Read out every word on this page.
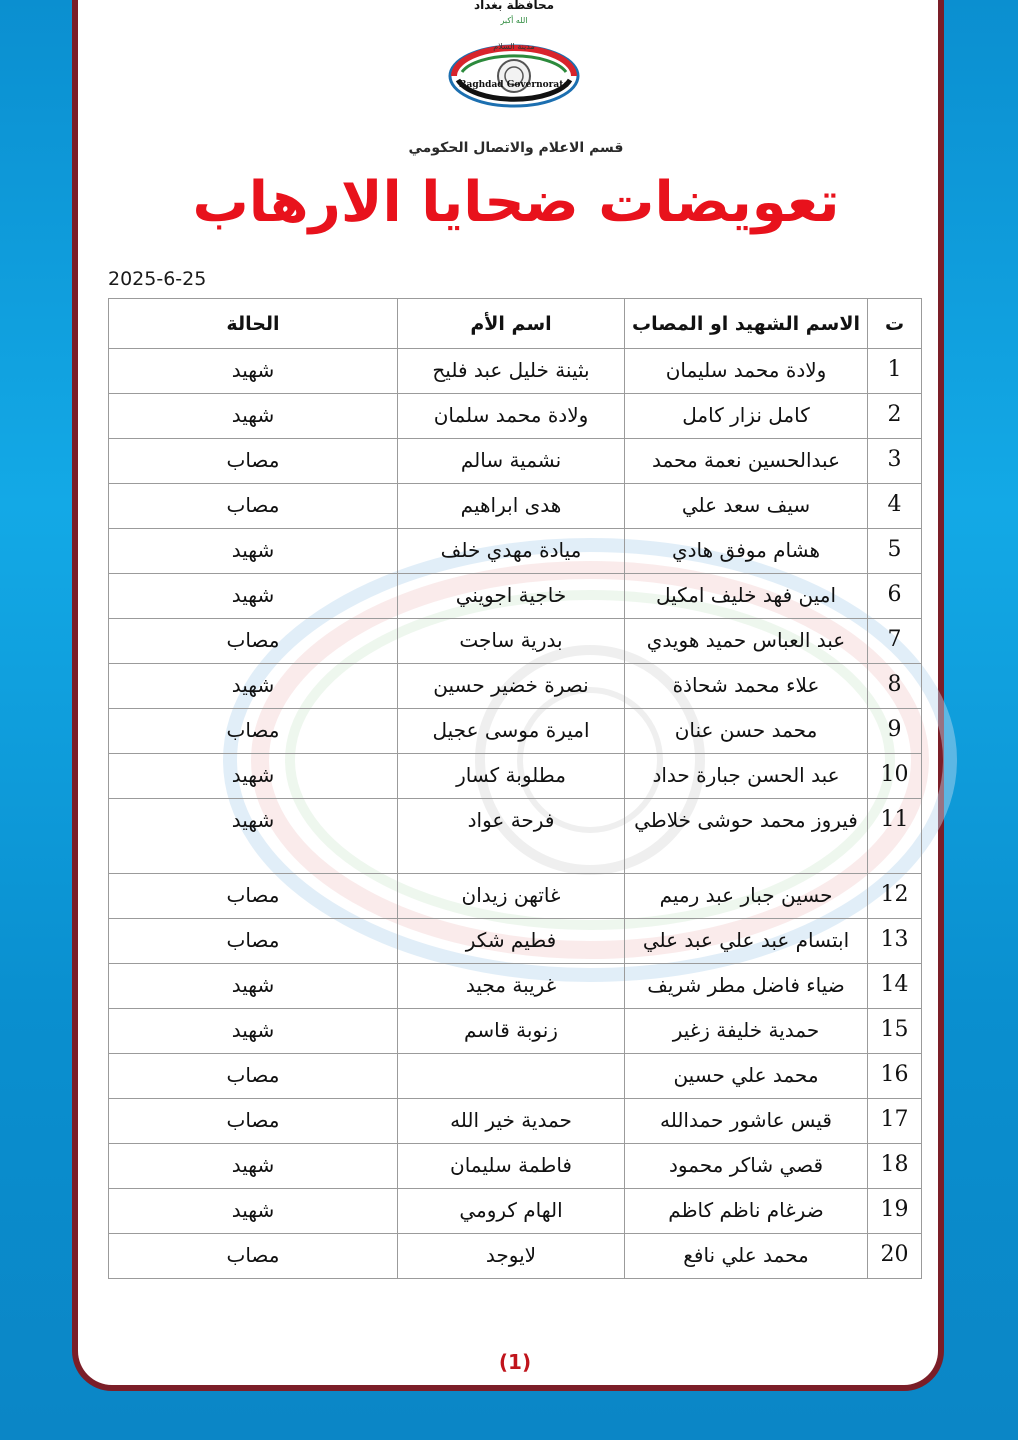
محافظة بغداد
الله أكبر
مدينة السلام
Baghdad Governorate
قسم الاعلام والاتصال الحكومي
تعويضات ضحايا الارهاب
2025-6-25
ت	الاسم الشهيد او المصاب	اسم الأم	الحالة
1	ولادة محمد سليمان	بثينة خليل عبد فليح	شهيد
2	كامل نزار كامل	ولادة محمد سلمان	شهيد
3	عبدالحسين نعمة محمد	نشمية سالم	مصاب
4	سيف سعد علي	هدى ابراهيم	مصاب
5	هشام موفق هادي	ميادة مهدي خلف	شهيد
6	امين فهد خليف امكيل	خاجية اجويني	شهيد
7	عبد العباس حميد هويدي	بدرية ساجت	مصاب
8	علاء محمد شحاذة	نصرة خضير حسين	شهيد
9	محمد حسن عنان	اميرة موسى عجيل	مصاب
10	عبد الحسن جبارة حداد	مطلوبة كسار	شهيد
11	فيروز محمد حوشى خلاطي	فرحة عواد	شهيد
12	حسين جبار عبد رميم	غاتهن زيدان	مصاب
13	ابتسام عبد علي عبد علي	فطيم شكر	مصاب
14	ضياء فاضل مطر شريف	غريبة مجيد	شهيد
15	حمدية خليفة زغير	زنوبة قاسم	شهيد
16	محمد علي حسين		مصاب
17	قيس عاشور حمدالله	حمدية خير الله	مصاب
18	قصي شاكر محمود	فاطمة سليمان	شهيد
19	ضرغام ناظم كاظم	الهام كرومي	شهيد
20	محمد علي نافع	لايوجد	مصاب
(1)
